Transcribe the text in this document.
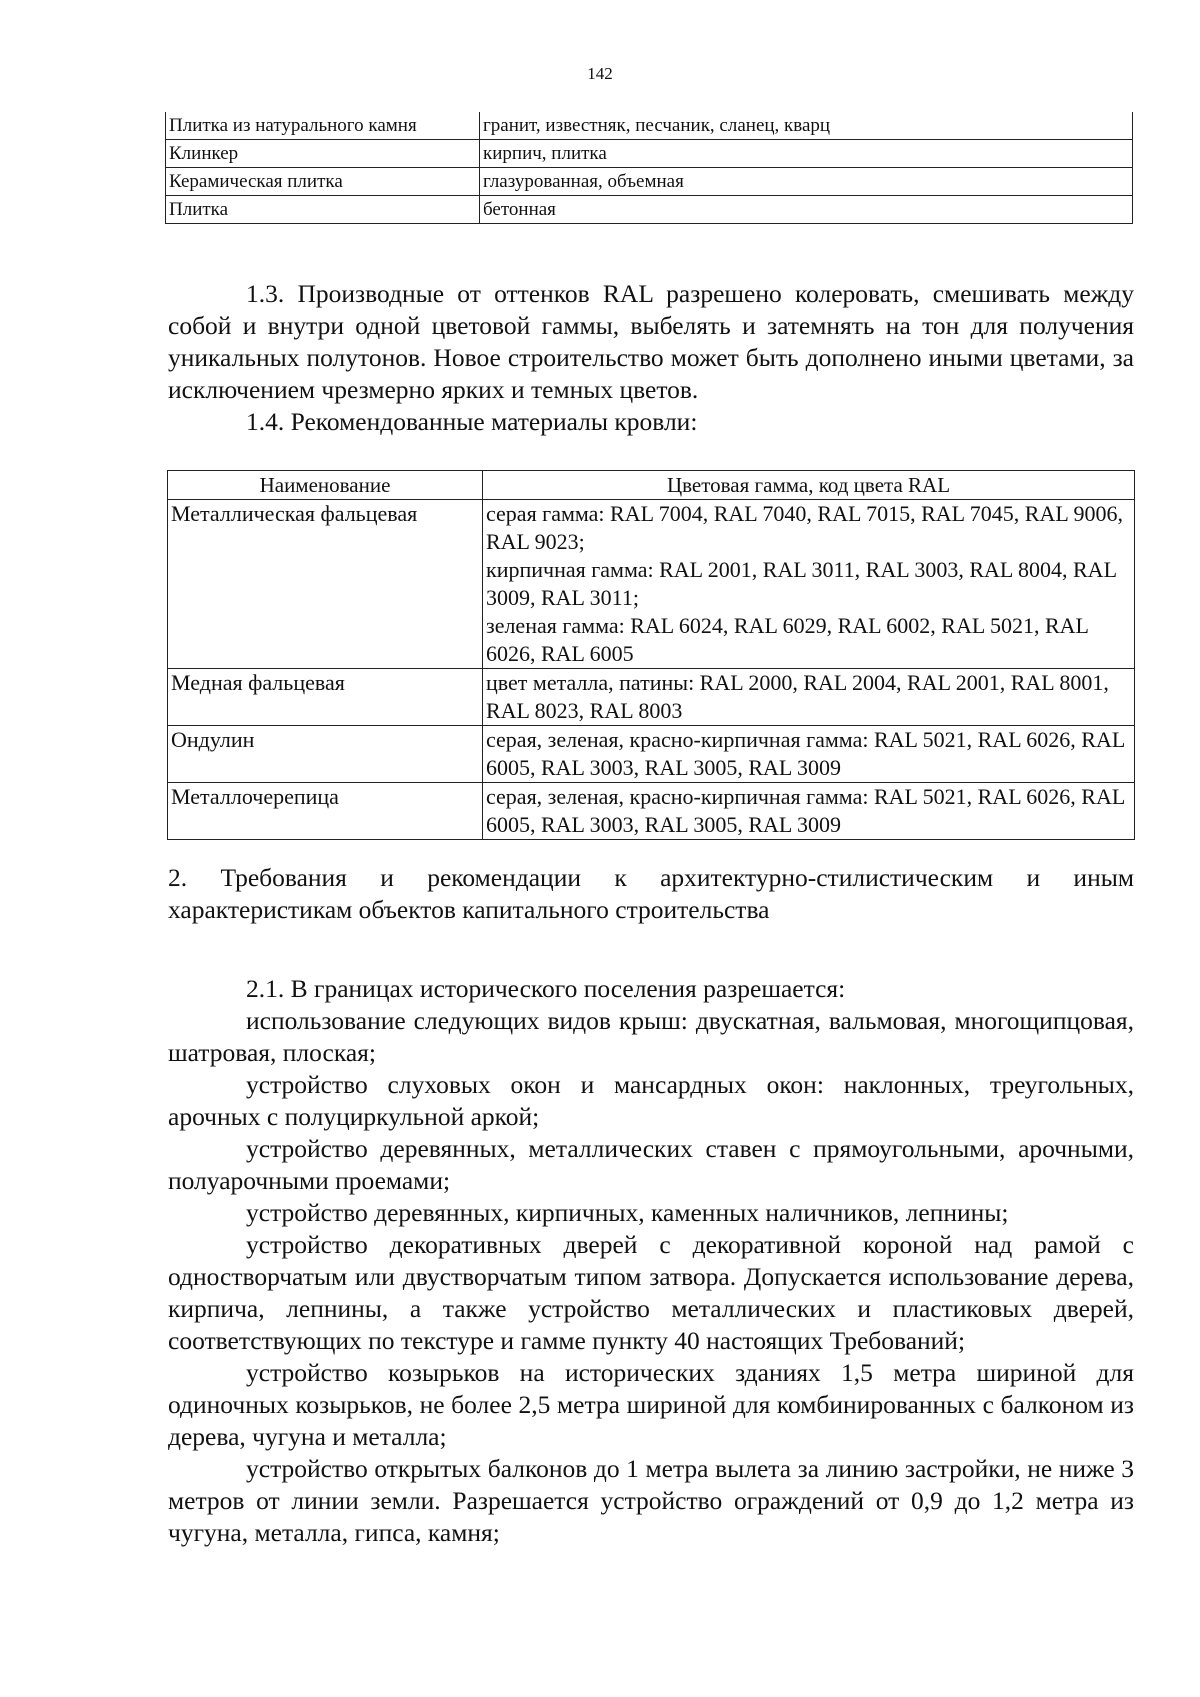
142
Плитка из натурального камня	гранит, известняк, песчаник, сланец, кварц
Клинкер	кирпич, плитка
Керамическая плитка	глазурованная, объемная
Плитка	бетонная

1.3. Производные от оттенков RAL разрешено колеровать, смешивать между собой и внутри одной цветовой гаммы, выбелять и затемнять на тон для получения уникальных полутонов. Новое строительство может быть дополнено иными цветами, за исключением чрезмерно ярких и темных цветов.

1.4. Рекомендованные материалы кровли:

Наименование	Цветовая гамма, код цвета RAL
Металлическая фальцевая	серая гамма: RAL 7004, RAL 7040, RAL 7015, RAL 7045, RAL 9006, RAL 9023;
кирпичная гамма: RAL 2001, RAL 3011, RAL 3003, RAL 8004, RAL 3009, RAL 3011;
зеленая гамма: RAL 6024, RAL 6029, RAL 6002, RAL 5021, RAL 6026, RAL 6005

Медная фальцевая	цвет металла, патины: RAL 2000, RAL 2004, RAL 2001, RAL 8001, RAL 8023, RAL 8003

Ондулин	серая, зеленая, красно-кирпичная гамма: RAL 5021, RAL 6026, RAL 6005, RAL 3003, RAL 3005, RAL 3009

Металлочерепица	серая, зеленая, красно-кирпичная гамма: RAL 5021, RAL 6026, RAL 6005, RAL 3003, RAL 3005, RAL 3009

2. Требования и рекомендации к архитектурно-стилистическим и иным характеристикам объектов капитального строительства

2.1. В границах исторического поселения разрешается:

использование следующих видов крыш: двускатная, вальмовая, многощипцовая, шатровая, плоская;

устройство слуховых окон и мансардных окон: наклонных, треугольных, арочных с полуциркульной аркой;

устройство деревянных, металлических ставен с прямоугольными, арочными, полуарочными проемами;

устройство деревянных, кирпичных, каменных наличников, лепнины;

устройство декоративных дверей с декоративной короной над рамой с одностворчатым или двустворчатым типом затвора. Допускается использование дерева, кирпича, лепнины, а также устройство металлических и пластиковых дверей, соответствующих по текстуре и гамме пункту 40 настоящих Требований;

устройство козырьков на исторических зданиях 1,5 метра шириной для одиночных козырьков, не более 2,5 метра шириной для комбинированных с балконом из дерева, чугуна и металла;

устройство открытых балконов до 1 метра вылета за линию застройки, не ниже 3 метров от линии земли. Разрешается устройство ограждений от 0,9 до 1,2 метра из чугуна, металла, гипса, камня;
